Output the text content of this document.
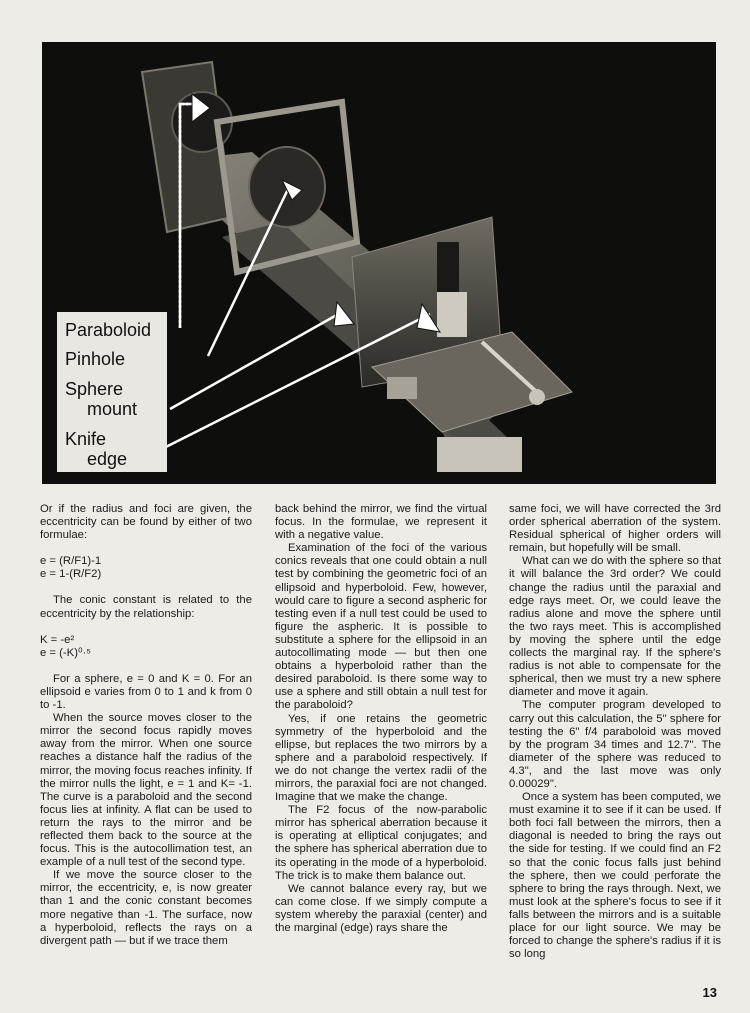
Paraboloid
Pinhole
Sphere
mount
Knife
edge

Or if the radius and foci are given, the eccentricity can be found by either of two formulae:

e = (R/F1)-1

e = 1-(R/F2)

The conic constant is related to the eccentricity by the relationship:

K = -e²

e = (-K)⁰·⁵

For a sphere, e = 0 and K = 0. For an ellipsoid e varies from 0 to 1 and k from 0 to -1.

When the source moves closer to the mirror the second focus rapidly moves away from the mirror. When one source reaches a distance half the radius of the mirror, the moving focus reaches infinity. If the mirror nulls the light, e = 1 and K= -1. The curve is a paraboloid and the second focus lies at infinity. A flat can be used to return the rays to the mirror and be reflected them back to the source at the focus. This is the autocollimation test, an example of a null test of the second type.

If we move the source closer to the mirror, the eccentricity, e, is now greater than 1 and the conic constant becomes more negative than -1. The surface, now a hyperboloid, reflects the rays on a divergent path — but if we trace them

back behind the mirror, we find the virtual focus. In the formulae, we represent it with a negative value.

Examination of the foci of the various conics reveals that one could obtain a null test by combining the geometric foci of an ellipsoid and hyperboloid. Few, however, would care to figure a second aspheric for testing even if a null test could be used to figure the aspheric. It is possible to substitute a sphere for the ellipsoid in an autocollimating mode — but then one obtains a hyperboloid rather than the desired paraboloid. Is there some way to use a sphere and still obtain a null test for the paraboloid?

Yes, if one retains the geometric symmetry of the hyperboloid and the ellipse, but replaces the two mirrors by a sphere and a paraboloid respectively. If we do not change the vertex radii of the mirrors, the paraxial foci are not changed. Imagine that we make the change.

The F2 focus of the now-parabolic mirror has spherical aberration because it is operating at elliptical conjugates; and the sphere has spherical aberration due to its operating in the mode of a hyperboloid. The trick is to make them balance out.

We cannot balance every ray, but we can come close. If we simply compute a system whereby the paraxial (center) and the marginal (edge) rays share the

same foci, we will have corrected the 3rd order spherical aberration of the system. Residual spherical of higher orders will remain, but hopefully will be small.

What can we do with the sphere so that it will balance the 3rd order? We could change the radius until the paraxial and edge rays meet. Or, we could leave the radius alone and move the sphere until the two rays meet. This is accomplished by moving the sphere until the edge collects the marginal ray. If the sphere's radius is not able to compensate for the spherical, then we must try a new sphere diameter and move it again.

The computer program developed to carry out this calculation, the 5" sphere for testing the 6" f/4 paraboloid was moved by the program 34 times and 12.7". The diameter of the sphere was reduced to 4.3", and the last move was only 0.00029".

Once a system has been computed, we must examine it to see if it can be used. If both foci fall between the mirrors, then a diagonal is needed to bring the rays out the side for testing. If we could find an F2 so that the conic focus falls just behind the sphere, then we could perforate the sphere to bring the rays through. Next, we must look at the sphere's focus to see if it falls between the mirrors and is a suitable place for our light source. We may be forced to change the sphere's radius if it is so long

13
